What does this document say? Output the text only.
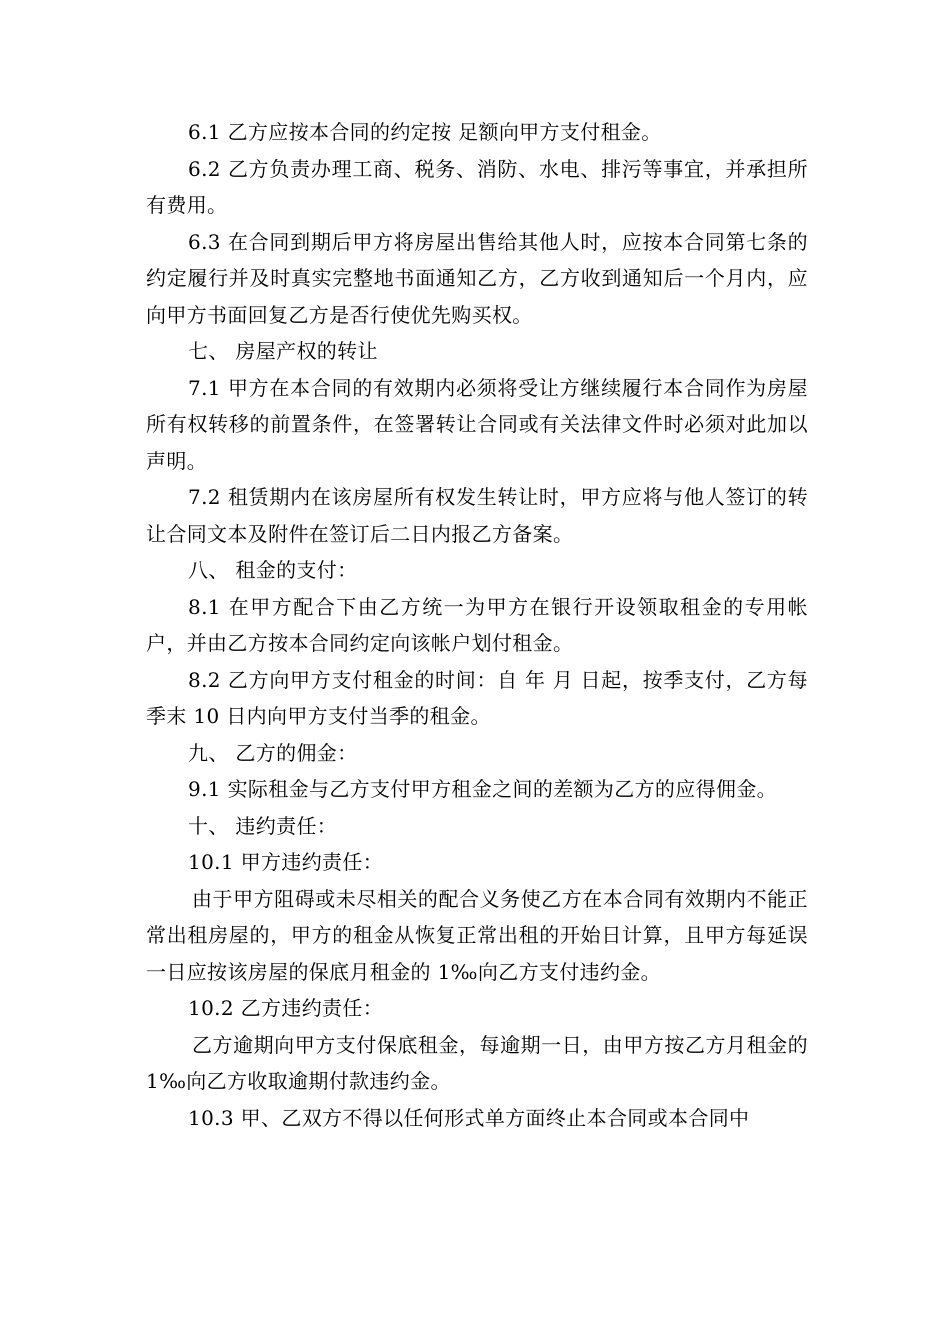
6.1 乙方应按本合同的约定按 足额向甲方支付租金。

6.2 乙方负责办理工商、税务、消防、水电、排污等事宜，并承担所有费用。

6.3 在合同到期后甲方将房屋出售给其他人时，应按本合同第七条的约定履行并及时真实完整地书面通知乙方，乙方收到通知后一个月内，应向甲方书面回复乙方是否行使优先购买权。

七、 房屋产权的转让

7.1 甲方在本合同的有效期内必须将受让方继续履行本合同作为房屋所有权转移的前置条件，在签署转让合同或有关法律文件时必须对此加以声明。

7.2 租赁期内在该房屋所有权发生转让时，甲方应将与他人签订的转让合同文本及附件在签订后二日内报乙方备案。

八、 租金的支付：

8.1 在甲方配合下由乙方统一为甲方在银行开设领取租金的专用帐户，并由乙方按本合同约定向该帐户划付租金。

8.2 乙方向甲方支付租金的时间：自 年 月 日起，按季支付，乙方每季末 10 日内向甲方支付当季的租金。

九、 乙方的佣金：

9.1 实际租金与乙方支付甲方租金之间的差额为乙方的应得佣金。

十、 违约责任：

10.1 甲方违约责任：

由于甲方阻碍或未尽相关的配合义务使乙方在本合同有效期内不能正常出租房屋的，甲方的租金从恢复正常出租的开始日计算，且甲方每延误一日应按该房屋的保底月租金的 1‰向乙方支付违约金。

10.2 乙方违约责任：

乙方逾期向甲方支付保底租金，每逾期一日，由甲方按乙方月租金的 1‰向乙方收取逾期付款违约金。

10.3 甲、乙双方不得以任何形式单方面终止本合同或本合同中
